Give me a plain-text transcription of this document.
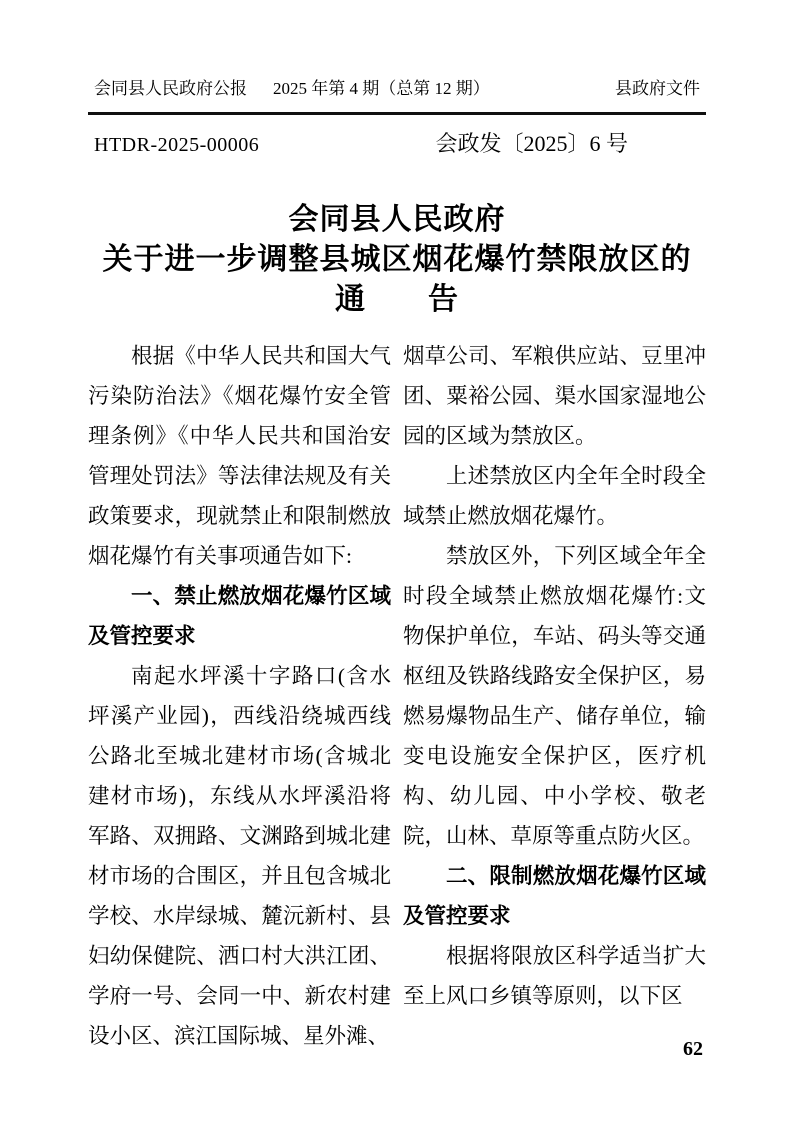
会同县人民政府公报 2025 年第 4 期（总第 12 期）	县政府文件
HTDR-2025-00006	会政发〔2025〕6 号
会同县人民政府
关于进一步调整县城区烟花爆竹禁限放区的
通　　告

根据《中华人民共和国大气污染防治法》《烟花爆竹安全管理条例》《中华人民共和国治安管理处罚法》等法律法规及有关政策要求，现就禁止和限制燃放烟花爆竹有关事项通告如下:

一、禁止燃放烟花爆竹区域及管控要求

南起水坪溪十字路口(含水坪溪产业园)，西线沿绕城西线公路北至城北建材市场(含城北建材市场)，东线从水坪溪沿将军路、双拥路、文渊路到城北建材市场的合围区，并且包含城北学校、水岸绿城、麓沅新村、县妇幼保健院、洒口村大洪江团、学府一号、会同一中、新农村建设小区、滨江国际城、星外滩、

烟草公司、军粮供应站、豆里冲团、粟裕公园、渠水国家湿地公园的区域为禁放区。

上述禁放区内全年全时段全域禁止燃放烟花爆竹。

禁放区外，下列区域全年全时段全域禁止燃放烟花爆竹:文物保护单位，车站、码头等交通枢纽及铁路线路安全保护区，易燃易爆物品生产、储存单位，输变电设施安全保护区，医疗机构、幼儿园、中小学校、敬老院，山林、草原等重点防火区。

二、限制燃放烟花爆竹区域及管控要求

根据将限放区科学适当扩大至上风口乡镇等原则，以下区

62
